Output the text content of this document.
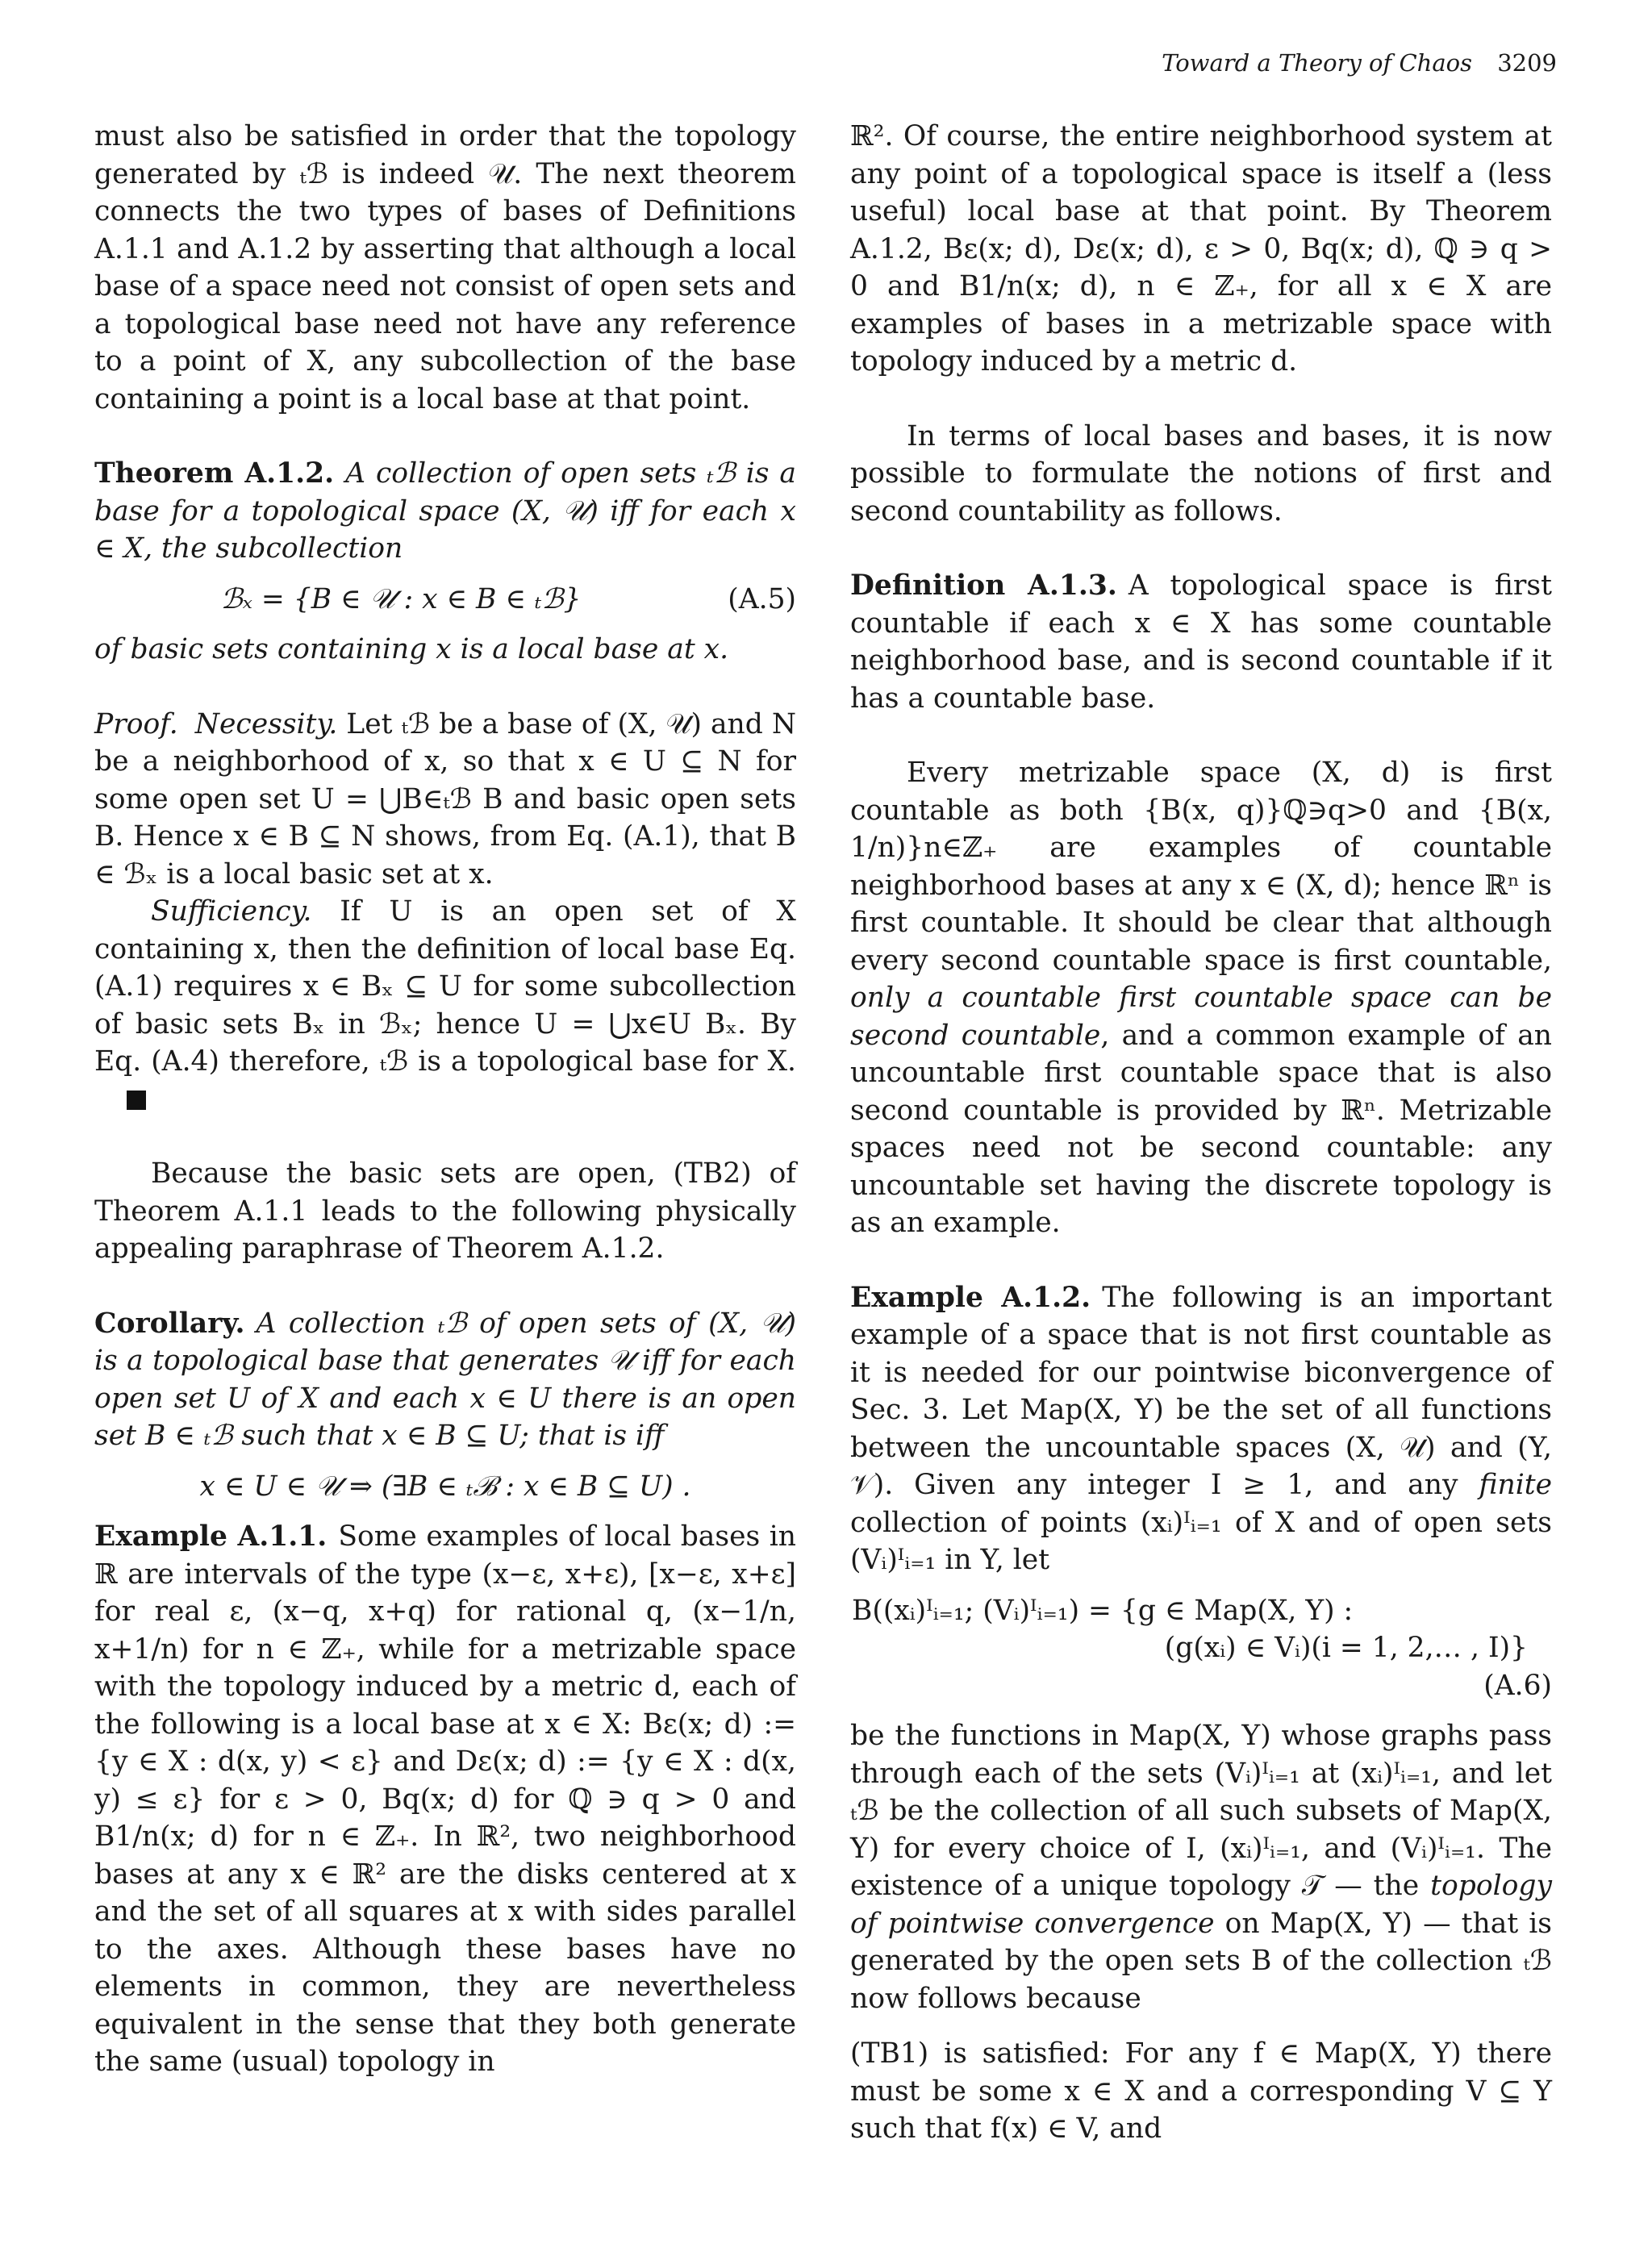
Toward a Theory of Chaos 3209

must also be satisfied in order that the topology generated by ₜℬ is indeed 𝒰. The next theorem connects the two types of bases of Definitions A.1.1 and A.1.2 by asserting that although a local base of a space need not consist of open sets and a topological base need not have any reference to a point of X, any subcollection of the base containing a point is a local base at that point.

Theorem A.1.2. A collection of open sets ₜℬ is a base for a topological space (X, 𝒰) iff for each x ∈ X, the subcollection

ℬₓ = {B ∈ 𝒰 : x ∈ B ∈ ₜℬ}	(A.5)

of basic sets containing x is a local base at x.

Proof. Necessity. Let ₜℬ be a base of (X, 𝒰) and N be a neighborhood of x, so that x ∈ U ⊆ N for some open set U = ⋃B∈ₜℬ B and basic open sets B. Hence x ∈ B ⊆ N shows, from Eq. (A.1), that B ∈ ℬₓ is a local basic set at x.

Sufficiency. If U is an open set of X containing x, then the definition of local base Eq. (A.1) requires x ∈ Bₓ ⊆ U for some subcollection of basic sets Bₓ in ℬₓ; hence U = ⋃x∈U Bₓ. By Eq. (A.4) therefore, ₜℬ is a topological base for X.

Because the basic sets are open, (TB2) of Theorem A.1.1 leads to the following physically appealing paraphrase of Theorem A.1.2.

Corollary. A collection ₜℬ of open sets of (X, 𝒰) is a topological base that generates 𝒰 iff for each open set U of X and each x ∈ U there is an open set B ∈ ₜℬ such that x ∈ B ⊆ U; that is iff

x ∈ U ∈ 𝒰 ⇒ (∃B ∈ ₜℬ : x ∈ B ⊆ U) .

Example A.1.1. Some examples of local bases in ℝ are intervals of the type (x−ε, x+ε), [x−ε, x+ε] for real ε, (x−q, x+q) for rational q, (x−1/n, x+1/n) for n ∈ ℤ₊, while for a metrizable space with the topology induced by a metric d, each of the following is a local base at x ∈ X: Bε(x; d) := {y ∈ X : d(x, y) < ε} and Dε(x; d) := {y ∈ X : d(x, y) ≤ ε} for ε > 0, Bq(x; d) for ℚ ∋ q > 0 and B1/n(x; d) for n ∈ ℤ₊. In ℝ², two neighborhood bases at any x ∈ ℝ² are the disks centered at x and the set of all squares at x with sides parallel to the axes. Although these bases have no elements in common, they are nevertheless equivalent in the sense that they both generate the same (usual) topology in

ℝ². Of course, the entire neighborhood system at any point of a topological space is itself a (less useful) local base at that point. By Theorem A.1.2, Bε(x; d), Dε(x; d), ε > 0, Bq(x; d), ℚ ∋ q > 0 and B1/n(x; d), n ∈ ℤ₊, for all x ∈ X are examples of bases in a metrizable space with topology induced by a metric d.

In terms of local bases and bases, it is now possible to formulate the notions of first and second countability as follows.

Definition A.1.3. A topological space is first countable if each x ∈ X has some countable neighborhood base, and is second countable if it has a countable base.

Every metrizable space (X, d) is first countable as both {B(x, q)}ℚ∋q>0 and {B(x, 1/n)}n∈ℤ₊ are examples of countable neighborhood bases at any x ∈ (X, d); hence ℝⁿ is first countable. It should be clear that although every second countable space is first countable, only a countable first countable space can be second countable, and a common example of an uncountable first countable space that is also second countable is provided by ℝⁿ. Metrizable spaces need not be second countable: any uncountable set having the discrete topology is as an example.

Example A.1.2. The following is an important example of a space that is not first countable as it is needed for our pointwise biconvergence of Sec. 3. Let Map(X, Y) be the set of all functions between the uncountable spaces (X, 𝒰) and (Y, 𝒱). Given any integer I ≥ 1, and any finite collection of points (xᵢ)ᴵᵢ₌₁ of X and of open sets (Vᵢ)ᴵᵢ₌₁ in Y, let

B((xᵢ)ᴵᵢ₌₁; (Vᵢ)ᴵᵢ₌₁) = {g ∈ Map(X, Y) :
(g(xᵢ) ∈ Vᵢ)(i = 1, 2,… , I)}
(A.6)

be the functions in Map(X, Y) whose graphs pass through each of the sets (Vᵢ)ᴵᵢ₌₁ at (xᵢ)ᴵᵢ₌₁, and let ₜℬ be the collection of all such subsets of Map(X, Y) for every choice of I, (xᵢ)ᴵᵢ₌₁, and (Vᵢ)ᴵᵢ₌₁. The existence of a unique topology 𝒯 — the topology of pointwise convergence on Map(X, Y) — that is generated by the open sets B of the collection ₜℬ now follows because

(TB1) is satisfied: For any f ∈ Map(X, Y) there must be some x ∈ X and a corresponding V ⊆ Y such that f(x) ∈ V, and
